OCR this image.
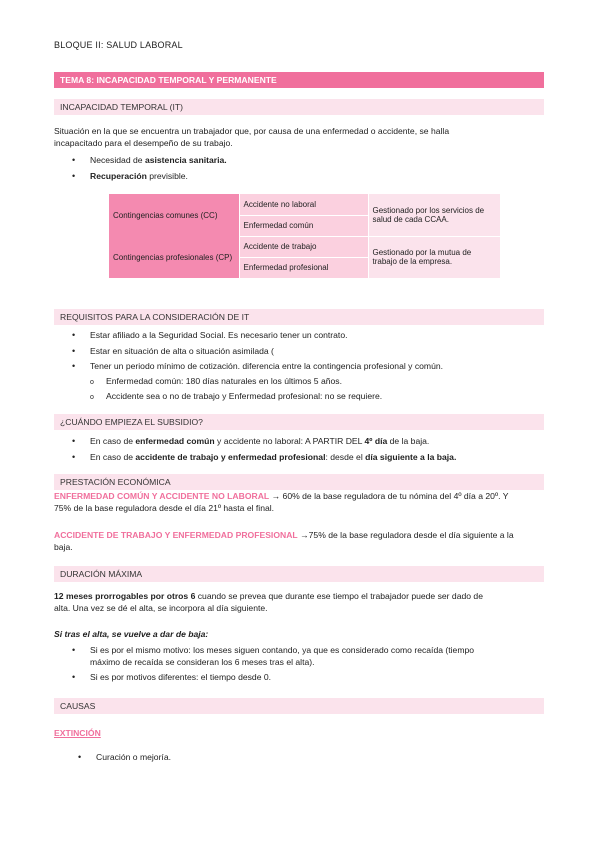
BLOQUE II: SALUD LABORAL
TEMA 8: INCAPACIDAD TEMPORAL Y PERMANENTE
INCAPACIDAD TEMPORAL (IT)
Situación en la que se encuentra un trabajador que, por causa de una enfermedad o accidente, se halla
incapacitado para el desempeño de su trabajo.
• Necesidad de asistencia sanitaria.
• Recuperación previsible.
Contingencias comunes (CC)	Accidente no laboral	Gestionado por los servicios de salud de cada CCAA.
	Enfermedad común	
Contingencias profesionales (CP)	Accidente de trabajo	Gestionado por la mutua de trabajo de la empresa.
	Enfermedad profesional	
REQUISITOS PARA LA CONSIDERACIÓN DE IT
• Estar afiliado a la Seguridad Social. Es necesario tener un contrato.
• Estar en situación de alta o situación asimilada (
• Tener un periodo mínimo de cotización. diferencia entre la contingencia profesional y común.
o Enfermedad común: 180 días naturales en los últimos 5 años.
o Accidente sea o no de trabajo y Enfermedad profesional: no se requiere.
¿CUÁNDO EMPIEZA EL SUBSIDIO?
• En caso de enfermedad común y accidente no laboral: A PARTIR DEL 4º día de la baja.
• En caso de accidente de trabajo y enfermedad profesional: desde el día siguiente a la baja.
PRESTACIÓN ECONÓMICA
ENFERMEDAD COMÚN Y ACCIDENTE NO LABORAL → 60% de la base reguladora de tu nómina del 4º día a 20º. Y
75% de la base reguladora desde el día 21º hasta el final.
ACCIDENTE DE TRABAJO Y ENFERMEDAD PROFESIONAL →75% de la base reguladora desde el día siguiente a la
baja.
DURACIÓN MÁXIMA
12 meses prorrogables por otros 6 cuando se prevea que durante ese tiempo el trabajador puede ser dado de
alta. Una vez se dé el alta, se incorpora al día siguiente.
Si tras el alta, se vuelve a dar de baja:
• Si es por el mismo motivo: los meses siguen contando, ya que es considerado como recaída (tiempo
máximo de recaída se consideran los 6 meses tras el alta).
• Si es por motivos diferentes: el tiempo desde 0.
CAUSAS
EXTINCIÓN
• Curación o mejoría.
